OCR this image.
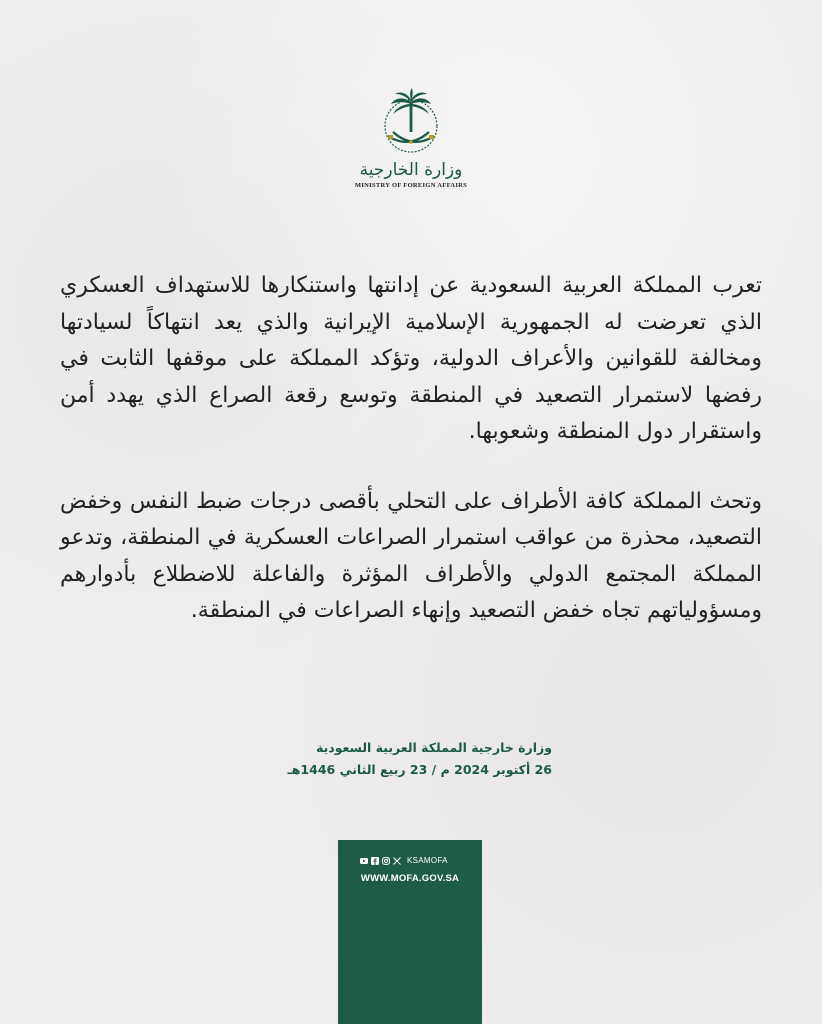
وزارة الخارجية
MINISTRY OF FOREIGN AFFAIRS

تعرب المملكة العربية السعودية عن إدانتها واستنكارها للاستهداف العسكري الذي تعرضت له الجمهورية الإسلامية الإيرانية والذي يعد انتهاكاً لسيادتها ومخالفة للقوانين والأعراف الدولية، وتؤكد المملكة على موقفها الثابت في رفضها لاستمرار التصعيد في المنطقة وتوسع رقعة الصراع الذي يهدد أمن واستقرار دول المنطقة وشعوبها.

وتحث المملكة كافة الأطراف على التحلي بأقصى درجات ضبط النفس وخفض التصعيد، محذرة من عواقب استمرار الصراعات العسكرية في المنطقة، وتدعو المملكة المجتمع الدولي والأطراف المؤثرة والفاعلة للاضطلاع بأدوارهم ومسؤولياتهم تجاه خفض التصعيد وإنهاء الصراعات في المنطقة.

وزارة خارجية المملكة العربية السعودية
26 أكتوبر 2024 م / 23 ربيع الثاني 1446هـ
KSAMOFA
WWW.MOFA.GOV.SA
